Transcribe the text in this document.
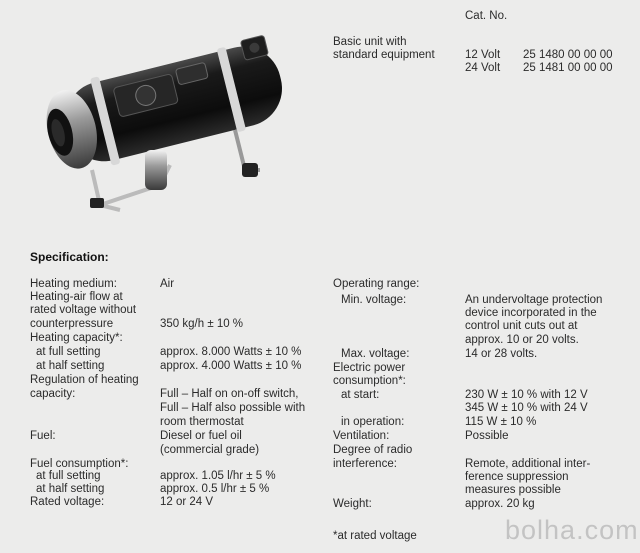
Cat. No.
Basic unit with
standard equipment	12 Volt 25 1480 00 00 00
24 Volt 25 1481 00 00 00
Specification:
Heating medium:	Air
Heating-air flow at
rated voltage without
counterpressure	350 kg/h ± 10 %
Heating capacity*:
at full setting	approx. 8.000 Watts ± 10 %
at half setting	approx. 4.000 Watts ± 10 %
Regulation of heating
capacity:	Full – Half on on-off switch,
Full – Half also possible with
room thermostat
Fuel:	Diesel or fuel oil
(commercial grade)
Fuel consumption*:
at full setting	approx. 1.05 l/hr ± 5 %
at half setting	approx. 0.5 l/hr ± 5 %
Rated voltage:	12 or 24 V
Operating range:
Min. voltage:	An undervoltage protection
device incorporated in the
control unit cuts out at
approx. 10 or 20 volts.
Max. voltage:	14 or 28 volts.
Electric power
consumption*:
at start:	230 W ± 10 % with 12 V
345 W ± 10 % with 24 V
in operation:	115 W ± 10 %
Ventilation:	Possible
Degree of radio
interference:	Remote, additional inter-
ference suppression
measures possible
Weight:	approx. 20 kg
*at rated voltage	bolha.com
